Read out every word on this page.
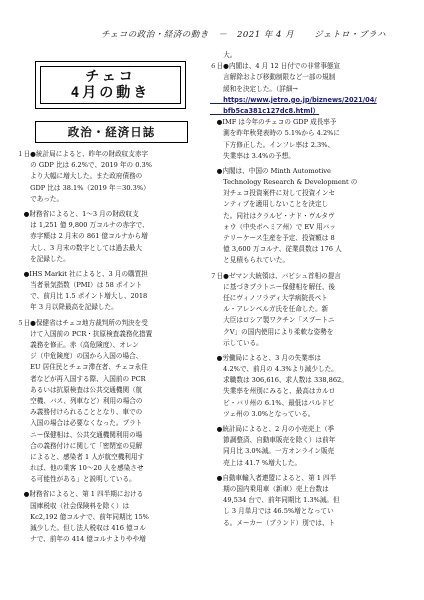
チェコの政治・経済の動き － 2021 年 4 月 ジェトロ・プラハ
チェコ
4月の動き
政治・経済日誌
１日●統計局によると、昨年の財政収支赤字
　　の GDP 比は 6.2%で、2019 年の 0.3%
　　より大幅に増大した。また政府債務の
　　GDP 比は 38.1%（2019 年＝30.3%）
　　であった。
　●財務省によると、1～3 月の財政収支
　　は 1,251 億 9,800 万コルナの赤字で、
　　赤字額は 2 月末の 861 億コルナから増
　　大し、3 月末の数字としては過去最大
　　を記録した。
　●IHS Markit 社によると、3 月の購買担
　　当者景気指数（PMI）は 58 ポイント
　　で、前月比 1.5 ポイント増大し、2018
　　年 3 月以降最高を記録した。
５日●保健省はチェコ地方裁判所の判決を受
　　けて入国前の PCR・抗原検査義務化措置
　　義務を修正。赤（高危険度）、オレン
　　ジ（中危険度）の国から入国の場合、
　　EU 居住民とチェコ滞在者、チェコ永住
　　者などが再入国する際、入国前の PCR
　　あるいは抗原検査は公共交通機関（航
　　空機、バス、列車など）利用の場合の
　　み義務付けられることとなり、車での
　　入国の場合は必要なくなった。プラト
　　ニー保健相は、公共交通機関利用の場
　　合の義務付けに関して「密閉室の見解
　　によると、感染者 1 人が航空機利用す
　　れば、他の乗客 10～20 人を感染させ
　　る可能性がある」と説明している。
　●財務省によると、第 1 四半期における
　　国庫税収（社会保険料を除く）は
　　Kc2,192 億コルナで、前年同期比 15%
　　減少した。但し法人税収は 416 億コル
　　ナで、前年の 414 億コルナよりやや増
　　大。
６日●内閣は、4 月 12 日付での非常事態宣
　　言解除および移動制限など一部の規制
　　緩和を決定した。（詳細→
　　https://www.jetro.go.jp/biznews/2021/04/
　　bfb5ca381c127dc8.html）
　●IMF は今年のチェコの GDP 成長率予
　　測を昨年秋発表時の 5.1%から 4.2%に
　　下方修正した。インフレ率は 2.3%、
　　失業率は 3.4%の予想。
　●内閣は、中国の Minth Automotive
　　Technology Research & Development の
　　対チェコ投資案件に対して投資インセ
　　ンティブを適用しないことを決定し
　　た。同社はクラルビ・ナド・ヴルタヴ
　　ォウ（中央ボヘミア州）で EV 用バッ
　　テリーケース生産を予定、投資額は 8
　　億 3,600 万コルナ、従業員数は 176 人
　　と見積もられていた。
７日●ゼマン大統領は、バビシュ首相の提言
　　に基づきプラトニー保健相を解任、後
　　任にヴィノフラディ大学病院長ペト
　　ル・アレンベルガ氏を任命した。新
　　大臣はロシア製ワクチン「スプートニ
　　クⅤ」の国内使用により柔軟な姿勢を
　　示している。
　●労働局によると、3 月の失業率は
　　4.2%で、前月の 4.3%より減少した。
　　求職数は 306,616、求人数は 338,862。
　　失業率を州別にみると、最高はカルロ
　　ビ・バリ州の 6.1%、最低はパルドビ
　　ツェ州の 3.0%となっている。
　●統計局によると、2 月の小売売上（季
　　節調整済、自動車販売を除く）は前年
　　同月比 3.0%減。一方オンライン販売
　　売上は 41.7 %増大した。
　●自動車輸入者連盟によると、第 1 四半
　　期の国内乗用車（新車）売上台数は
　　49,534 台で、前年同期比 1.3%減。但
　　し 3 月単月では 46.5%増となってい
　　る。メーカー（ブランド）別では、ト
